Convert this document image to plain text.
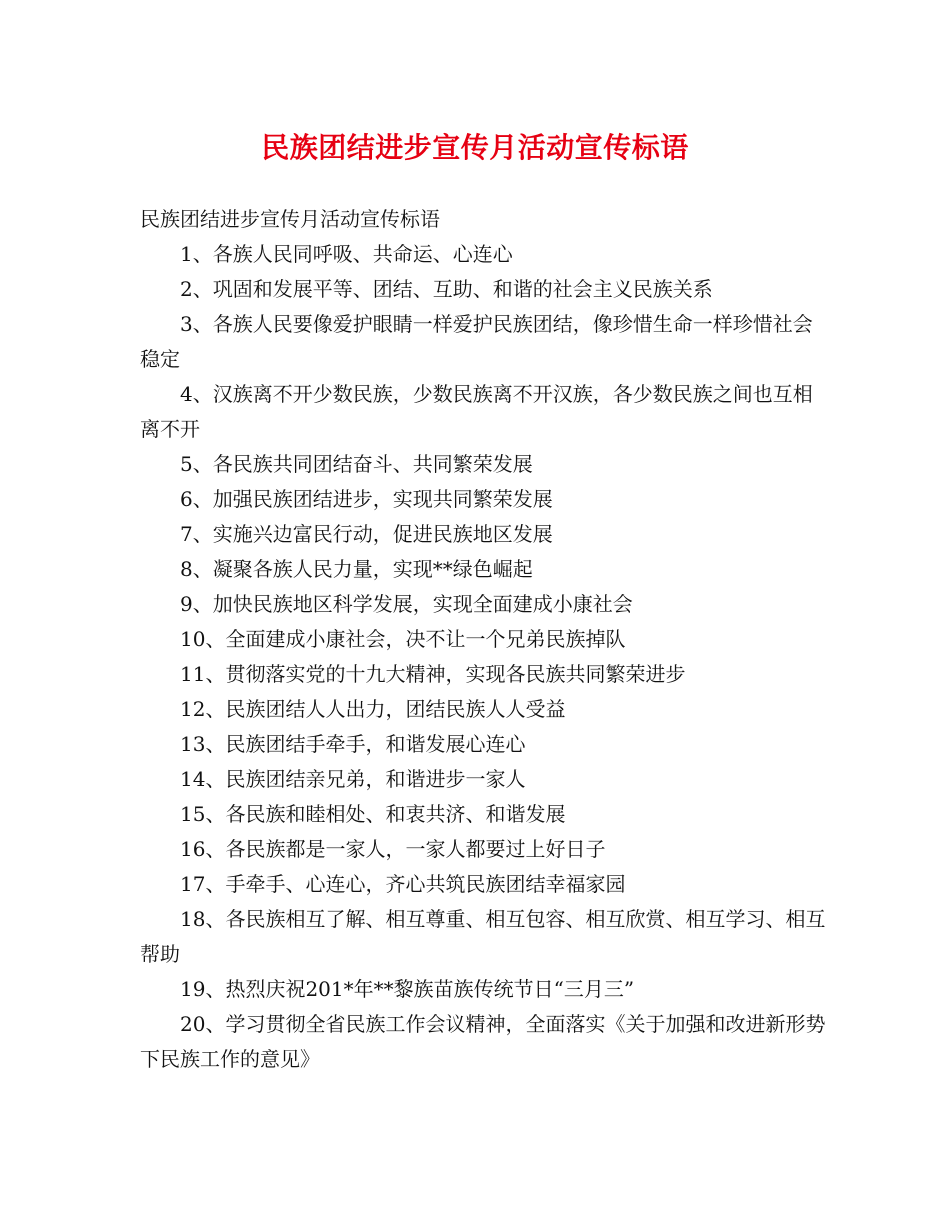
民族团结进步宣传月活动宣传标语

民族团结进步宣传月活动宣传标语

1、各族人民同呼吸、共命运、心连心

2、巩固和发展平等、团结、互助、和谐的社会主义民族关系

3、各族人民要像爱护眼睛一样爱护民族团结，像珍惜生命一样珍惜社会稳定

4、汉族离不开少数民族，少数民族离不开汉族，各少数民族之间也互相离不开

5、各民族共同团结奋斗、共同繁荣发展

6、加强民族团结进步，实现共同繁荣发展

7、实施兴边富民行动，促进民族地区发展

8、凝聚各族人民力量，实现**绿色崛起

9、加快民族地区科学发展，实现全面建成小康社会

10、全面建成小康社会，决不让一个兄弟民族掉队

11、贯彻落实党的十九大精神，实现各民族共同繁荣进步

12、民族团结人人出力，团结民族人人受益

13、民族团结手牵手，和谐发展心连心

14、民族团结亲兄弟，和谐进步一家人

15、各民族和睦相处、和衷共济、和谐发展

16、各民族都是一家人，一家人都要过上好日子

17、手牵手、心连心，齐心共筑民族团结幸福家园

18、各民族相互了解、相互尊重、相互包容、相互欣赏、相互学习、相互帮助

19、热烈庆祝201*年**黎族苗族传统节日“三月三”

20、学习贯彻全省民族工作会议精神，全面落实《关于加强和改进新形势下民族工作的意见》
